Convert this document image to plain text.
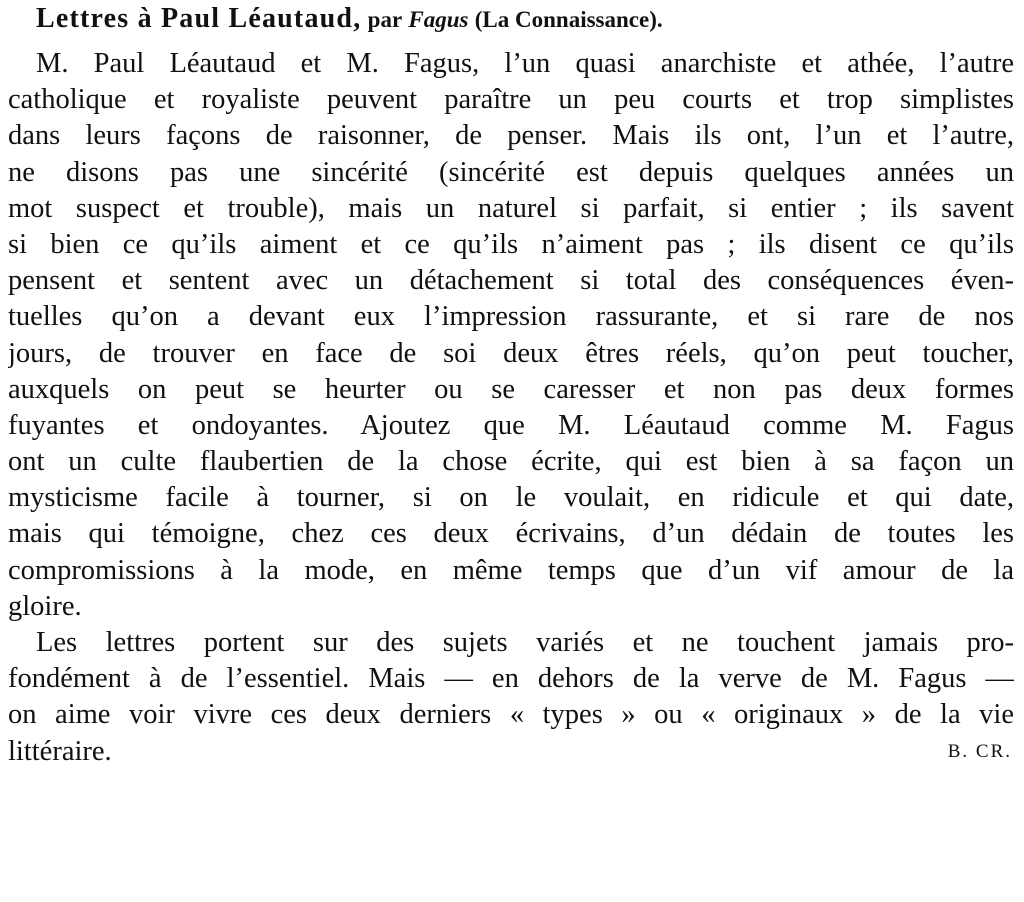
Lettres à Paul Léautaud, par Fagus (La Connaissance).
M. Paul Léautaud et M. Fagus, l’un quasi anarchiste et athée, l’autre
catholique et royaliste peuvent paraître un peu courts et trop simplistes
dans leurs façons de raisonner, de penser. Mais ils ont, l’un et l’autre,
ne disons pas une sincérité (sincérité est depuis quelques années un
mot suspect et trouble), mais un naturel si parfait, si entier ; ils savent
si bien ce qu’ils aiment et ce qu’ils n’aiment pas ; ils disent ce qu’ils
pensent et sentent avec un détachement si total des conséquences éven-
tuelles qu’on a devant eux l’impression rassurante, et si rare de nos
jours, de trouver en face de soi deux êtres réels, qu’on peut toucher,
auxquels on peut se heurter ou se caresser et non pas deux formes
fuyantes et ondoyantes. Ajoutez que M. Léautaud comme M. Fagus
ont un culte flaubertien de la chose écrite, qui est bien à sa façon un
mysticisme facile à tourner, si on le voulait, en ridicule et qui date,
mais qui témoigne, chez ces deux écrivains, d’un dédain de toutes les
compromissions à la mode, en même temps que d’un vif amour de la
gloire.
Les lettres portent sur des sujets variés et ne touchent jamais pro-
fondément à de l’essentiel. Mais — en dehors de la verve de M. Fagus —
on aime voir vivre ces deux derniers « types » ou « originaux » de la vie
littéraire.	B. CR.
